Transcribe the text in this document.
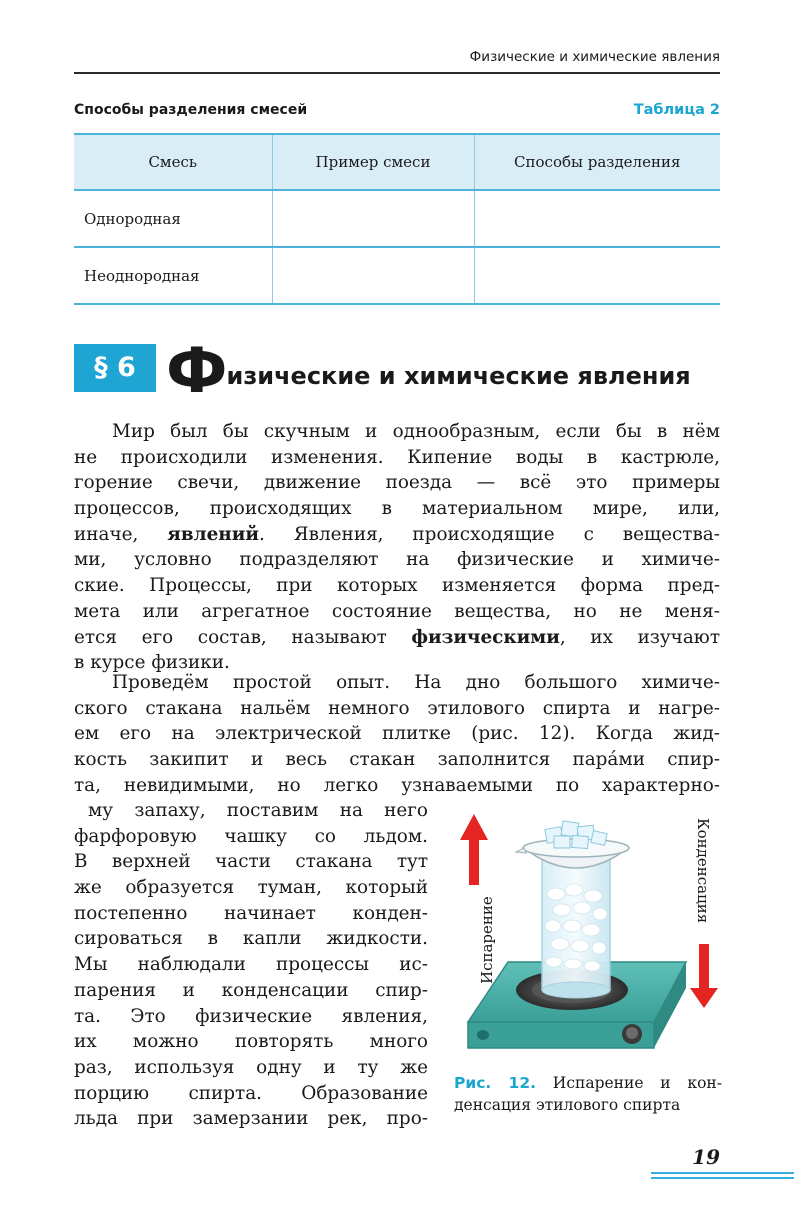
Физические и химические явления
Способы разделения смесей	Таблица 2
Смесь	Пример смеси	Способы разделения
Однородная		
Неоднородная		
§ 6 Физические и химические явления
Мир был бы скучным и однообразным, если бы в нём
не происходили изменения. Кипение воды в кастрюле,
горение свечи, движение поезда — всё это примеры
процессов, происходящих в материальном мире, или,
иначе, явлений. Явления, происходящие с вещества-
ми, условно подразделяют на физические и химиче-
ские. Процессы, при которых изменяется форма пред-
мета или агрегатное состояние вещества, но не меня-
ется его состав, называют физическими, их изучают
в курсе физики.
Проведём простой опыт. На дно большого химиче-
ского стакана нальём немного этилового спирта и нагре-
ем его на электрической плитке (рис. 12). Когда жид-
кость закипит и весь стакан заполнится пара́ми спир-
та, невидимыми, но легко узнаваемыми по характерно-
му запаху, поставим на него
фарфоровую чашку со льдом.
В верхней части стакана тут
же образуется туман, который
постепенно начинает конден-
сироваться в капли жидкости.
Мы наблюдали процессы ис-
парения и конденсации спир-
та. Это физические явления,
их можно повторять много
раз, используя одну и ту же
порцию спирта. Образование
льда при замерзании рек, про-
Испарение
Конденсация
Рис. 12. Испарение и кон-
денсация этилового спирта
19
